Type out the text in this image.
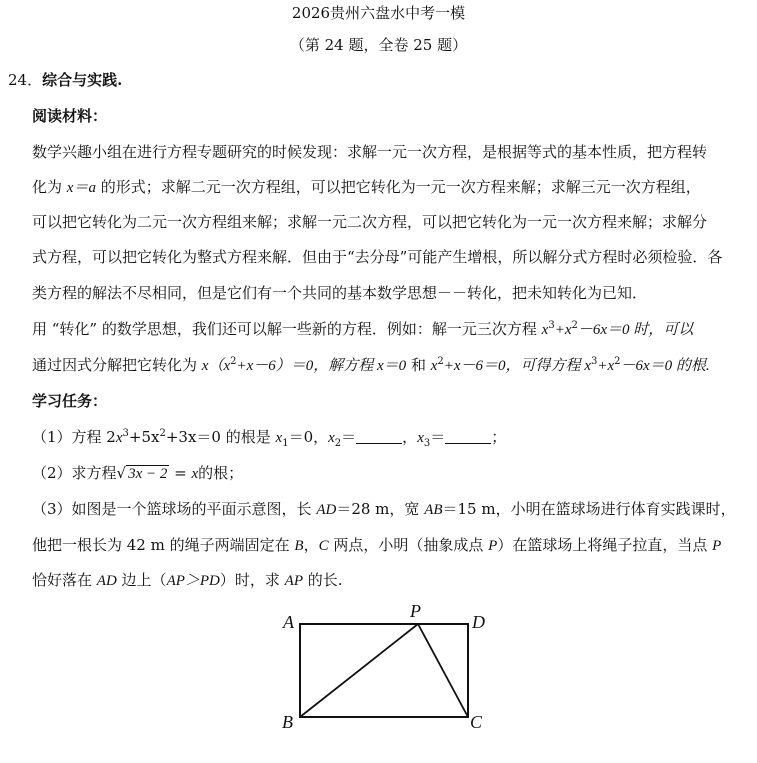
2026贵州六盘水中考一模
（第 24 题，全卷 25 题）
24．综合与实践.
阅读材料：
数学兴趣小组在进行方程专题研究的时候发现：求解一元一次方程，是根据等式的基本性质，把方程转
化为 x＝a 的形式；求解二元一次方程组，可以把它转化为一元一次方程来解；求解三元一次方程组，
可以把它转化为二元一次方程组来解；求解一元二次方程，可以把它转化为一元一次方程来解；求解分
式方程，可以把它转化为整式方程来解．但由于“去分母”可能产生增根，所以解分式方程时必须检验．各
类方程的解法不尽相同，但是它们有一个共同的基本数学思想－－转化，把未知转化为已知．
用 “转化” 的数学思想，我们还可以解一些新的方程．例如：解一元三次方程 $x^3+x^2-6x=0$ 时，可以
通过因式分解把它转化为 $x(x^2+x-6)=0$，解方程 x＝0 和 $x^2+x-6=0$，可得方程 $x^3+x^2-6x=0$ 的根.
学习任务：
（1）方程 $2x^3+5x^2+3x=0$ 的根是 $x_1=0$，$x_2=$	，$x_3=$	；
（2）求方程√ 3x − 2 = x的根；
（3）如图是一个篮球场的平面示意图，长 AD＝28 m，宽 AB＝15 m，小明在篮球场进行体育实践课时，
他把一根长为 42 m 的绳子两端固定在 B，C 两点，小明（抽象成点 P）在篮球场上将绳子拉直，当点 P
恰好落在 AD 边上（AP＞PD）时，求 AP 的长.
A
P
D
B	C
